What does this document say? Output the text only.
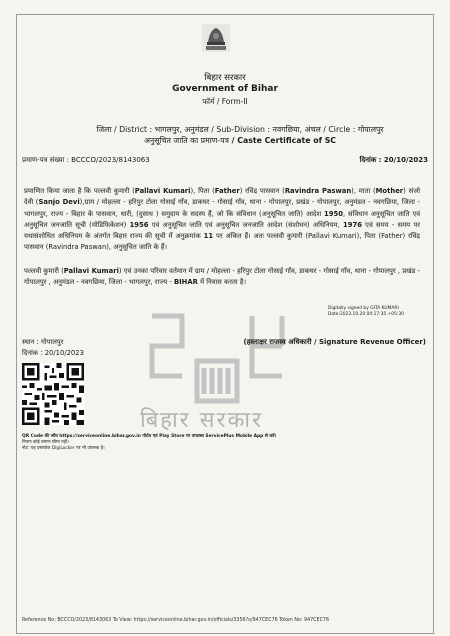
बिहार सरकार
Government of Bihar
फॉर्म / Form-II
जिला / District : भागलपुर, अनुमंडल / Sub-Division : नवगछिया, अंचल / Circle : गोपालपुर
अनुसूचित जाति का प्रमाण-पत्र / Caste Certificate of SC
प्रमाण-पत्र संख्या : BCCCO/2023/8143063	दिनांक : 20/10/2023
प्रमाणित किया जाता है कि पल्लवी कुमारी (Pallavi Kumari), पिता (Father) रविंद्र पासवान (Ravindra Paswan), माता (Mother) संजो देवी (Sanjo Devi),ग्राम / मोहल्ला - हरिपुर टोला गोसाई गाँव, डाकघर - गोसाई गाँव, थाना - गोपालपुर, प्रखंड - गोपालपुर, अनुमंडल - नवगछिया, जिला - भागलपुर, राज्य - बिहार के पासवान, धारी, (दुसाध ) समुदाय के सदस्य हैं, जो कि संविधान (अनुसूचित जाति) आदेश 1950, संविधान अनुसूचित जाति एवं अनुसूचित जनजाति सूची (मोडिफिकेशन) 1956 एवं अनुसूचित जाति एवं अनुसूचित जनजाति आदेश (संशोधन) अधिनियम, 1976 एवं समय - समय पर यथासंशोधित अधिनियम के अंतर्गत बिहार राज्य की सूची में अनुक्रमांक 11 पर अंकित हैं। अतः पल्लवी कुमारी (Pallavi Kumari), पिता (Father) रविंद्र पासवान (Ravindra Paswan), अनुसूचित जाति के हैं।
पल्लवी कुमारी (Pallavi Kumari) एवं उनका परिवार वर्तमान में ग्राम / मोहल्ला - हरिपुर टोला गोसाई गाँव, डाकघर - गोसाई गाँव, थाना - गोपालपुर , प्रखंड - गोपालपुर , अनुमंडल - नवगछिया, जिला - भागलपुर, राज्य - BIHAR में निवास करता है।
बिहार सरकार
Digitally signed by GITA KUMARI
Date:2023.10.20 04:17:35 +05:30
स्थान : गोपालपुर
दिनांक : 20/10/2023
(हस्ताक्षर राजस्व अधिकारी / Signature Revenue Officer)
QR Code की जाँच https://serviceonline.bihar.gov.in पोर्टल एवं Play Store पर उपलब्ध ServicePlus Mobile App से करें।
नियमः कोई प्रमाण सीमा नहीं।
नोट: यह दस्तावेज DigiLocker पर भी उपलब्ध है।
Reference No: BCCCO/2023/8143063 To View: https://serviceonline.bihar.gov.in/officials/3356?o/947CEC76 Token No: 947CEC76
